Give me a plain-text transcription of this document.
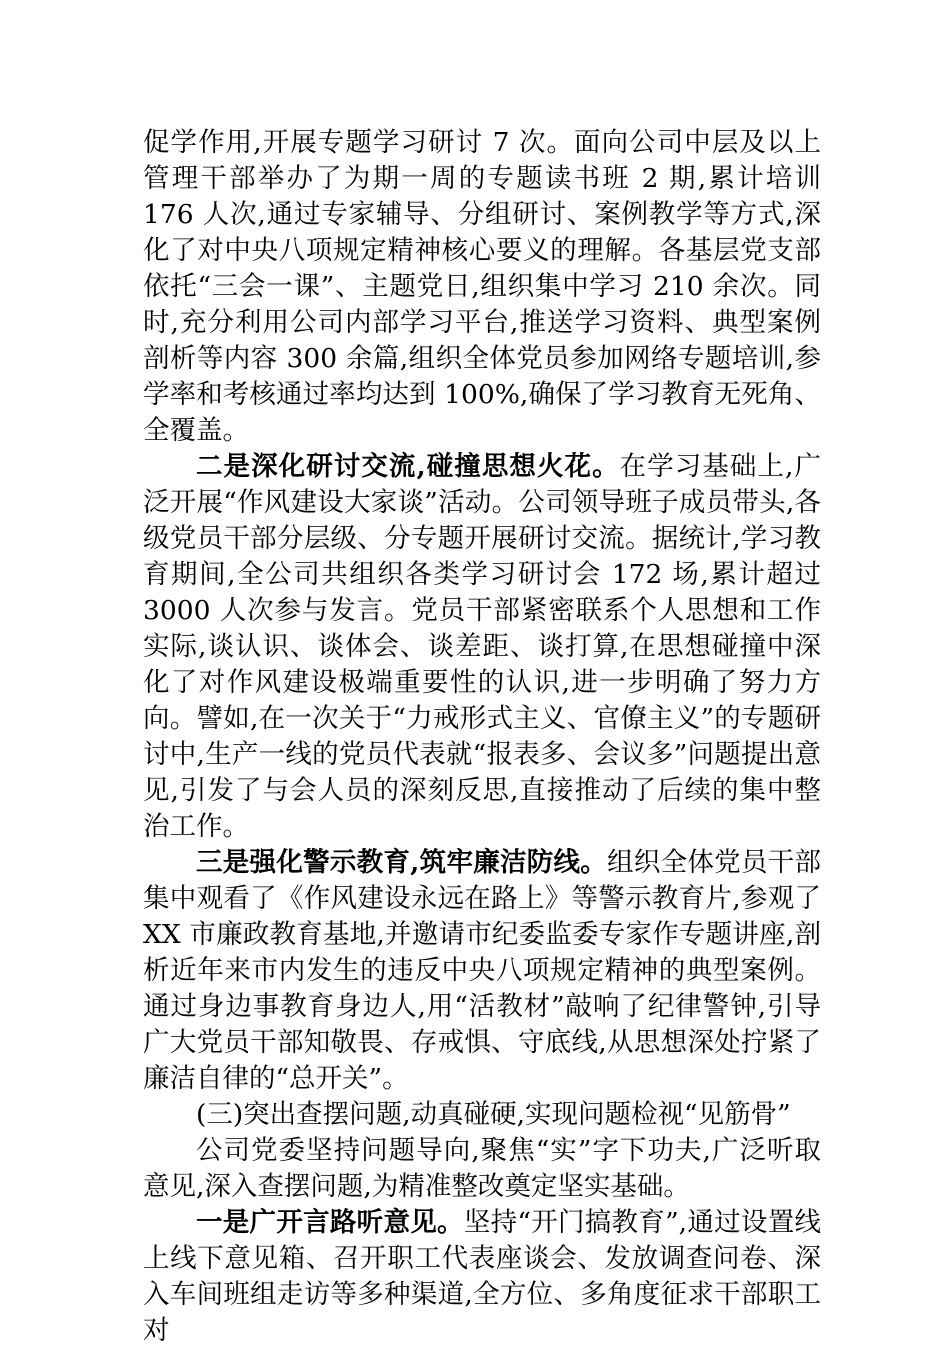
促学作用,开展专题学习研讨 7 次。面向公司中层及以上管理干部举办了为期一周的专题读书班 2 期,累计培训 176 人次,通过专家辅导、分组研讨、案例教学等方式,深化了对中央八项规定精神核心要义的理解。各基层党支部依托“三会一课”、主题党日,组织集中学习 210 余次。同时,充分利用公司内部学习平台,推送学习资料、典型案例剖析等内容 300 余篇,组织全体党员参加网络专题培训,参学率和考核通过率均达到 100%,确保了学习教育无死角、全覆盖。

二是深化研讨交流,碰撞思想火花。在学习基础上,广泛开展“作风建设大家谈”活动。公司领导班子成员带头,各级党员干部分层级、分专题开展研讨交流。据统计,学习教育期间,全公司共组织各类学习研讨会 172 场,累计超过 3000 人次参与发言。党员干部紧密联系个人思想和工作实际,谈认识、谈体会、谈差距、谈打算,在思想碰撞中深化了对作风建设极端重要性的认识,进一步明确了努力方向。譬如,在一次关于“力戒形式主义、官僚主义”的专题研讨中,生产一线的党员代表就“报表多、会议多”问题提出意见,引发了与会人员的深刻反思,直接推动了后续的集中整治工作。

三是强化警示教育,筑牢廉洁防线。组织全体党员干部集中观看了《作风建设永远在路上》等警示教育片,参观了 XX 市廉政教育基地,并邀请市纪委监委专家作专题讲座,剖析近年来市内发生的违反中央八项规定精神的典型案例。通过身边事教育身边人,用“活教材”敲响了纪律警钟,引导广大党员干部知敬畏、存戒惧、守底线,从思想深处拧紧了廉洁自律的“总开关”。

(三)突出查摆问题,动真碰硬,实现问题检视“见筋骨”

公司党委坚持问题导向,聚焦“实”字下功夫,广泛听取意见,深入查摆问题,为精准整改奠定坚实基础。

一是广开言路听意见。坚持“开门搞教育”,通过设置线上线下意见箱、召开职工代表座谈会、发放调查问卷、深入车间班组走访等多种渠道,全方位、多角度征求干部职工对
